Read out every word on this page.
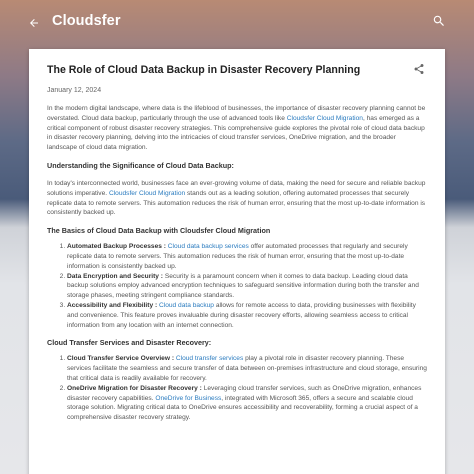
Cloudsfer
The Role of Cloud Data Backup in Disaster Recovery Planning
January 12, 2024

In the modern digital landscape, where data is the lifeblood of businesses, the importance of disaster recovery planning cannot be overstated. Cloud data backup, particularly through the use of advanced tools like Cloudsfer Cloud Migration, has emerged as a critical component of robust disaster recovery strategies. This comprehensive guide explores the pivotal role of cloud data backup in disaster recovery planning, delving into the intricacies of cloud transfer services, OneDrive migration, and the broader landscape of cloud data migration.

Understanding the Significance of Cloud Data Backup:

In today's interconnected world, businesses face an ever-growing volume of data, making the need for secure and reliable backup solutions imperative. Cloudsfer Cloud Migration stands out as a leading solution, offering automated processes that securely replicate data to remote servers. This automation reduces the risk of human error, ensuring that the most up-to-date information is consistently backed up.

The Basics of Cloud Data Backup with Cloudsfer Cloud Migration
1. Automated Backup Processes : Cloud data backup services offer automated processes that regularly and securely replicate data to remote servers. This automation reduces the risk of human error, ensuring that the most up-to-date information is consistently backed up.
2. Data Encryption and Security : Security is a paramount concern when it comes to data backup. Leading cloud data backup solutions employ advanced encryption techniques to safeguard sensitive information during both the transfer and storage phases, meeting stringent compliance standards.
3. Accessibility and Flexibility : Cloud data backup allows for remote access to data, providing businesses with flexibility and convenience. This feature proves invaluable during disaster recovery efforts, allowing seamless access to critical information from any location with an internet connection.
Cloud Transfer Services and Disaster Recovery:
1. Cloud Transfer Service Overview : Cloud transfer services play a pivotal role in disaster recovery planning. These services facilitate the seamless and secure transfer of data between on-premises infrastructure and cloud storage, ensuring that critical data is readily available for recovery.
2. OneDrive Migration for Disaster Recovery : Leveraging cloud transfer services, such as OneDrive migration, enhances disaster recovery capabilities. OneDrive for Business, integrated with Microsoft 365, offers a secure and scalable cloud storage solution. Migrating critical data to OneDrive ensures accessibility and recoverability, forming a crucial aspect of a comprehensive disaster recovery strategy.
